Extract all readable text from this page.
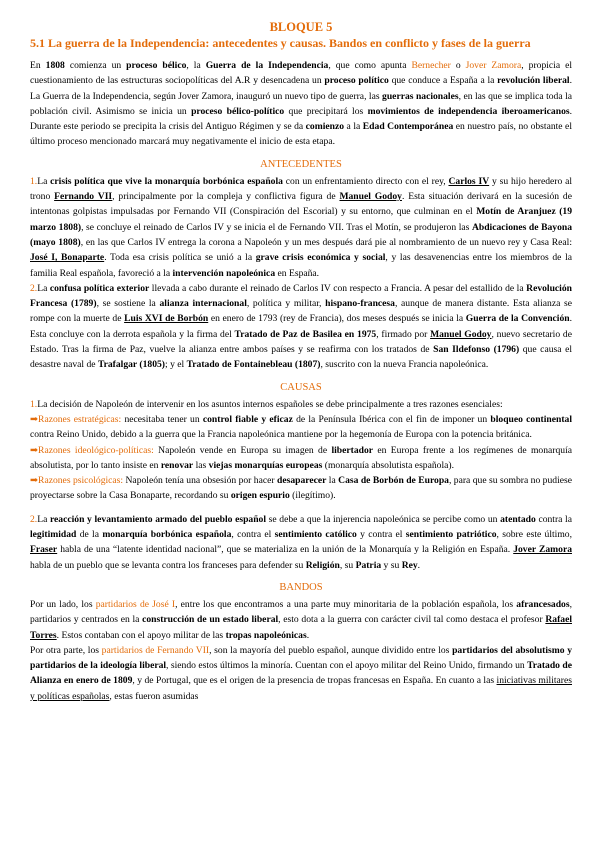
BLOQUE 5
5.1 La guerra de la Independencia: antecedentes y causas. Bandos en conflicto y fases de la guerra

En 1808 comienza un proceso bélico, la Guerra de la Independencia, que como apunta Bernecher o Jover Zamora, propicia el cuestionamiento de las estructuras sociopolíticas del A.R y desencadena un proceso político que conduce a España a la revolución liberal. La Guerra de la Independencia, según Jover Zamora, inauguró un nuevo tipo de guerra, las guerras nacionales, en las que se implica toda la población civil. Asimismo se inicia un proceso bélico-político que precipitará los movimientos de independencia iberoamericanos. Durante este periodo se precipita la crisis del Antiguo Régimen y se da comienzo a la Edad Contemporánea en nuestro país, no obstante el último proceso mencionado marcará muy negativamente el inicio de esta etapa.

ANTECEDENTES

1.La crisis política que vive la monarquía borbónica española con un enfrentamiento directo con el rey, Carlos IV y su hijo heredero al trono Fernando VII, principalmente por la compleja y conflictiva figura de Manuel Godoy. Esta situación derivará en la sucesión de intentonas golpistas impulsadas por Fernando VII (Conspiración del Escorial) y su entorno, que culminan en el Motín de Aranjuez (19 marzo 1808), se concluye el reinado de Carlos IV y se inicia el de Fernando VII. Tras el Motín, se produjeron las Abdicaciones de Bayona (mayo 1808), en las que Carlos IV entrega la corona a Napoleón y un mes después dará pie al nombramiento de un nuevo rey y Casa Real: José I, Bonaparte. Toda esa crisis política se unió a la grave crisis económica y social, y las desavenencias entre los miembros de la familia Real española, favoreció a la intervención napoleónica en España.

2.La confusa política exterior llevada a cabo durante el reinado de Carlos IV con respecto a Francia. A pesar del estallido de la Revolución Francesa (1789), se sostiene la alianza internacional, política y militar, hispano-francesa, aunque de manera distante. Esta alianza se rompe con la muerte de Luis XVI de Borbón en enero de 1793 (rey de Francia), dos meses después se inicia la Guerra de la Convención. Esta concluye con la derrota española y la firma del Tratado de Paz de Basilea en 1975, firmado por Manuel Godoy, nuevo secretario de Estado. Tras la firma de Paz, vuelve la alianza entre ambos países y se reafirma con los tratados de San Ildefonso (1796) que causa el desastre naval de Trafalgar (1805); y el Tratado de Fontainebleau (1807), suscrito con la nueva Francia napoleónica.

CAUSAS

1.La decisión de Napoleón de intervenir en los asuntos internos españoles se debe principalmente a tres razones esenciales:

➡Razones estratégicas: necesitaba tener un control fiable y eficaz de la Península Ibérica con el fin de imponer un bloqueo continental contra Reino Unido, debido a la guerra que la Francia napoleónica mantiene por la hegemonía de Europa con la potencia británica.

➡Razones ideológico-políticas: Napoleón vende en Europa su imagen de libertador en Europa frente a los regímenes de monarquía absolutista, por lo tanto insiste en renovar las viejas monarquías europeas (monarquía absolutista española).

➡Razones psicológicas: Napoleón tenía una obsesión por hacer desaparecer la Casa de Borbón de Europa, para que su sombra no pudiese proyectarse sobre la Casa Bonaparte, recordando su origen espurio (ilegítimo).

2.La reacción y levantamiento armado del pueblo español se debe a que la injerencia napoleónica se percibe como un atentado contra la legitimidad de la monarquía borbónica española, contra el sentimiento católico y contra el sentimiento patriótico, sobre este último, Fraser habla de una “latente identidad nacional”, que se materializa en la unión de la Monarquía y la Religión en España. Jover Zamora habla de un pueblo que se levanta contra los franceses para defender su Religión, su Patria y su Rey.

BANDOS

Por un lado, los partidarios de José I, entre los que encontramos a una parte muy minoritaria de la población española, los afrancesados, partidarios y centrados en la construcción de un estado liberal, esto dota a la guerra con carácter civil tal como destaca el profesor Rafael Torres. Estos contaban con el apoyo militar de las tropas napoleónicas.

Por otra parte, los partidarios de Fernando VII, son la mayoría del pueblo español, aunque dividido entre los partidarios del absolutismo y partidarios de la ideología liberal, siendo estos últimos la minoría. Cuentan con el apoyo militar del Reino Unido, firmando un Tratado de Alianza en enero de 1809, y de Portugal, que es el origen de la presencia de tropas francesas en España. En cuanto a las iniciativas militares y políticas españolas, estas fueron asumidas
